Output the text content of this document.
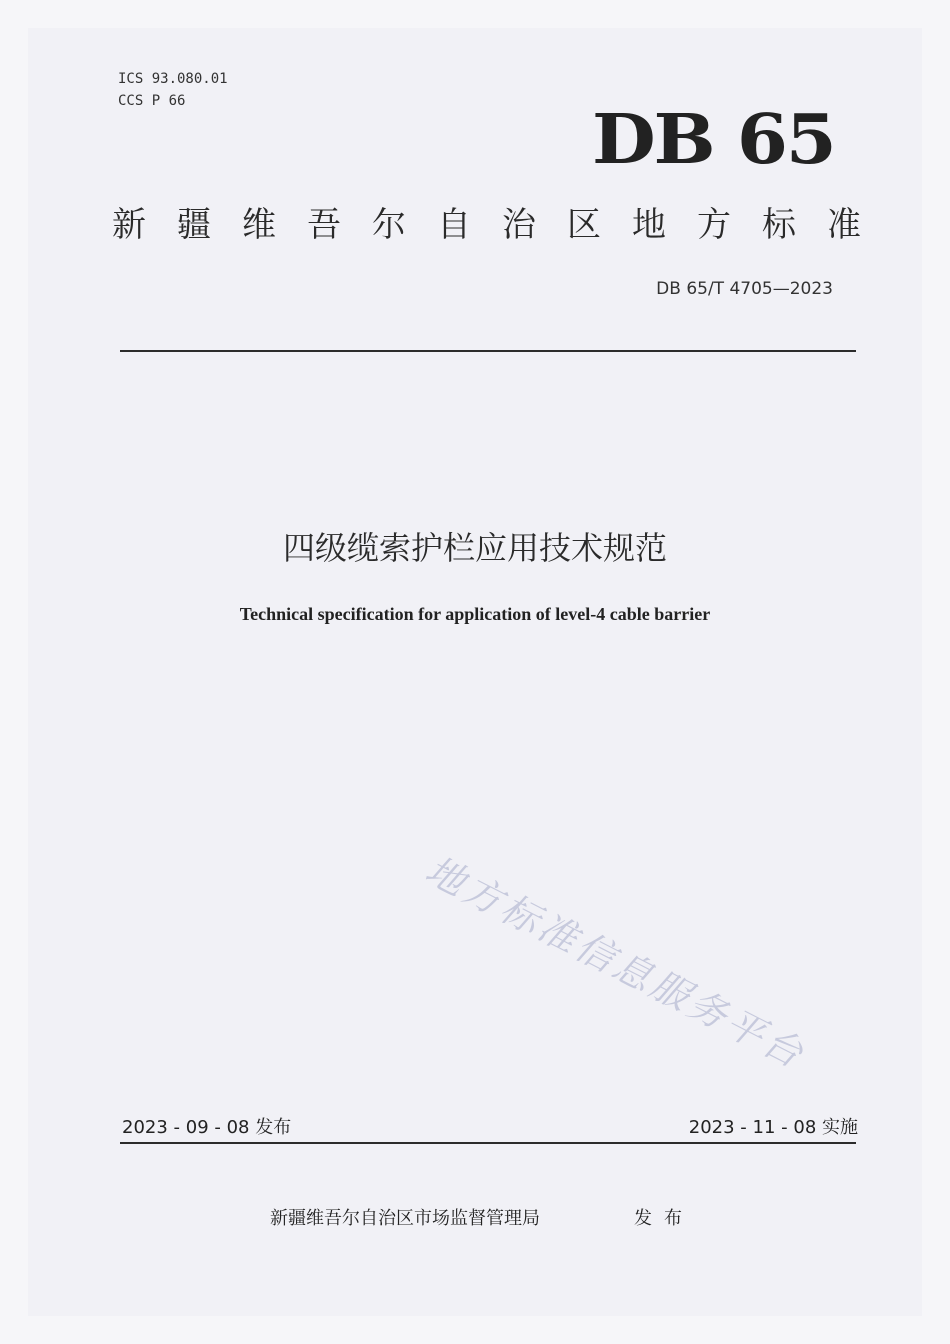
ICS 93.080.01
CCS P 66	DB 65
新疆维吾尔自治区地方标准
DB 65/T 4705—2023
四级缆索护栏应用技术规范
Technical specification for application of level-4 cable barrier
地方标准信息服务平台
2023 - 09 - 08 发布	2023 - 11 - 08 实施
新疆维吾尔自治区市场监督管理局	发布
